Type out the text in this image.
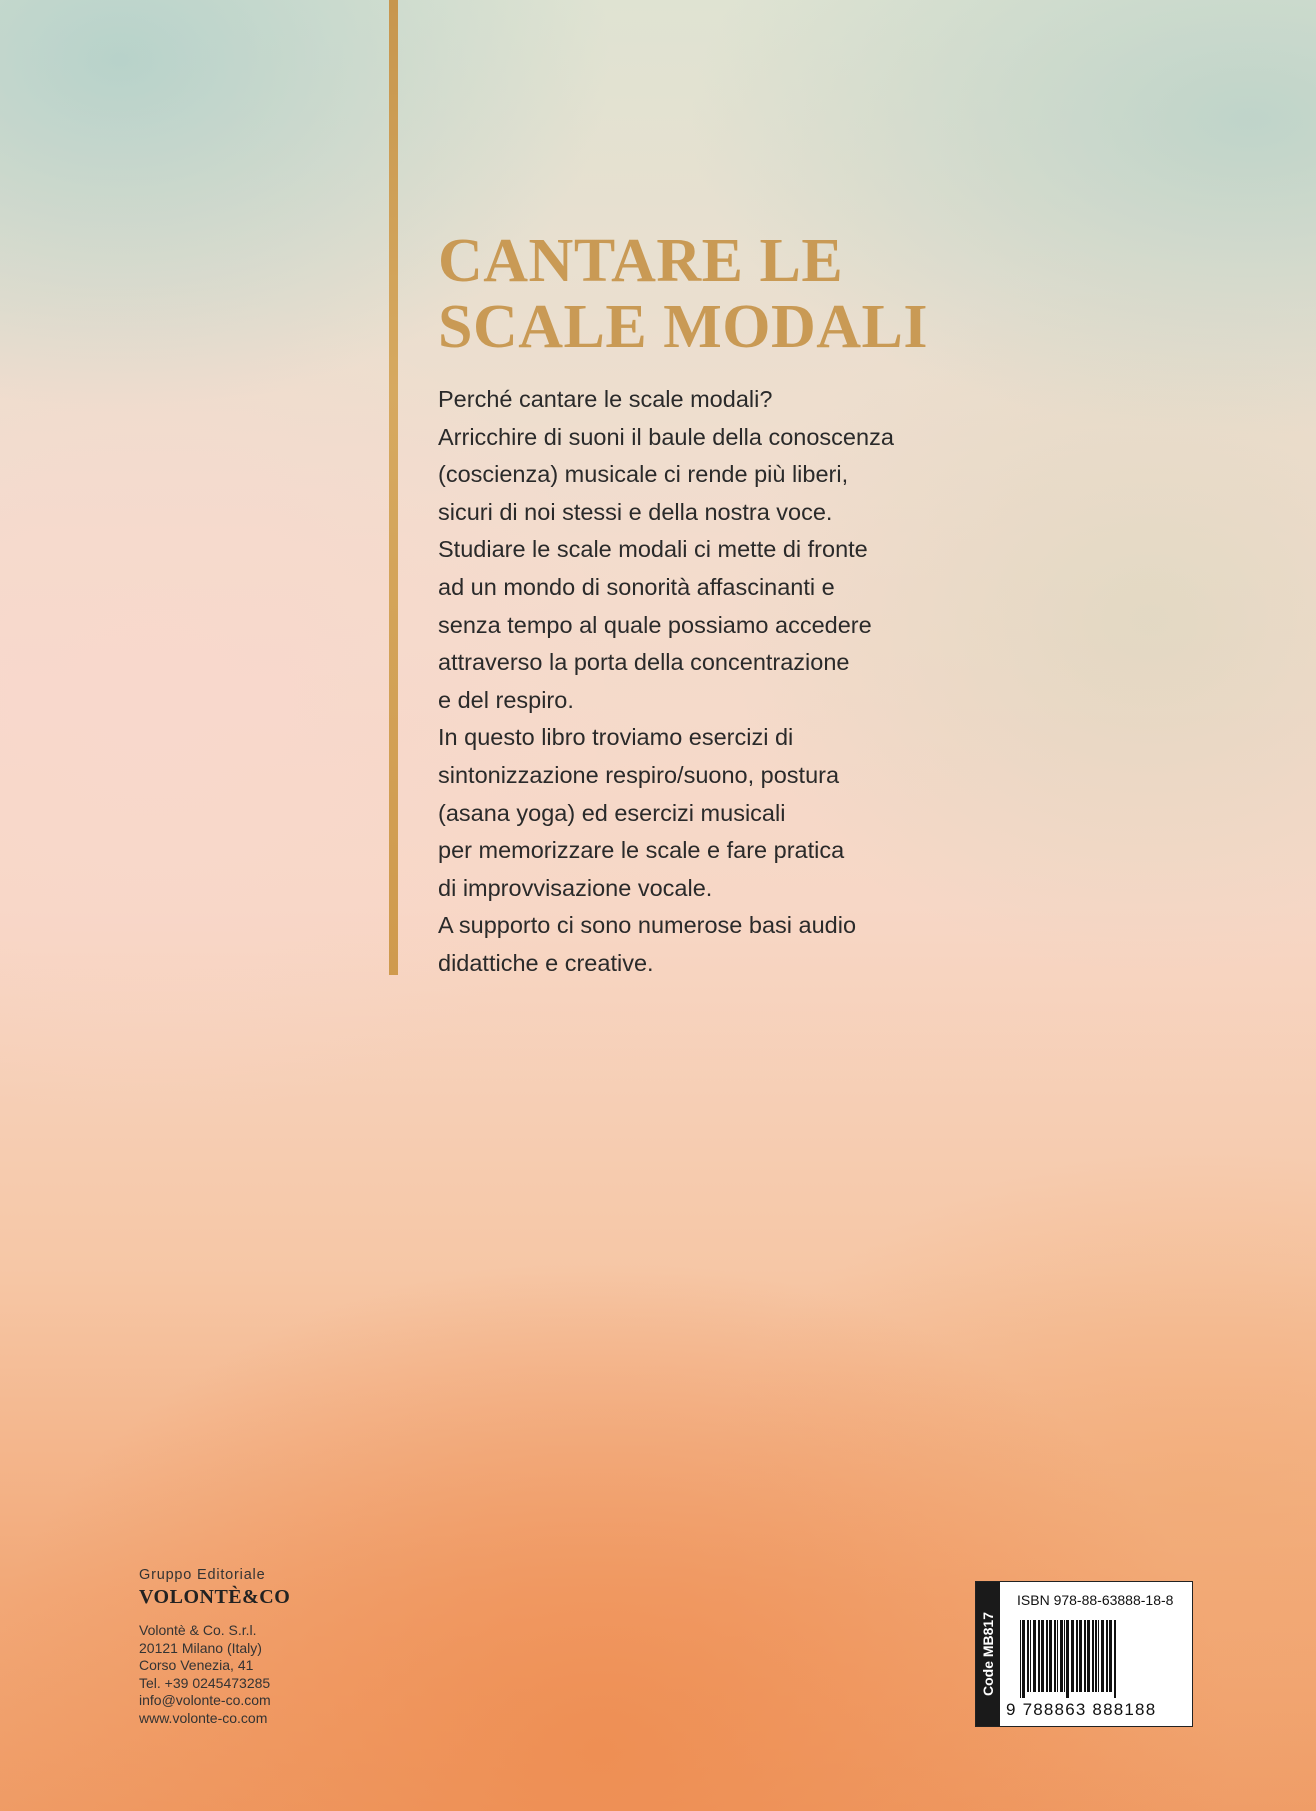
CANTARE LE
SCALE MODALI
Perché cantare le scale modali?
Arricchire di suoni il baule della conoscenza
(coscienza) musicale ci rende più liberi,
sicuri di noi stessi e della nostra voce.
Studiare le scale modali ci mette di fronte
ad un mondo di sonorità affascinanti e
senza tempo al quale possiamo accedere
attraverso la porta della concentrazione
e del respiro.
In questo libro troviamo esercizi di
sintonizzazione respiro/suono, postura
(asana yoga) ed esercizi musicali
per memorizzare le scale e fare pratica
di improvvisazione vocale.
A supporto ci sono numerose basi audio
didattiche e creative.
Gruppo Editoriale
VOLONTÈ&CO
Volontè & Co. S.r.l.
20121 Milano (Italy)
Corso Venezia, 41
Tel. +39 0245473285
info@volonte-co.com
www.volonte-co.com
Code MB817
ISBN 978-88-63888-18-8
9 788863 888188
